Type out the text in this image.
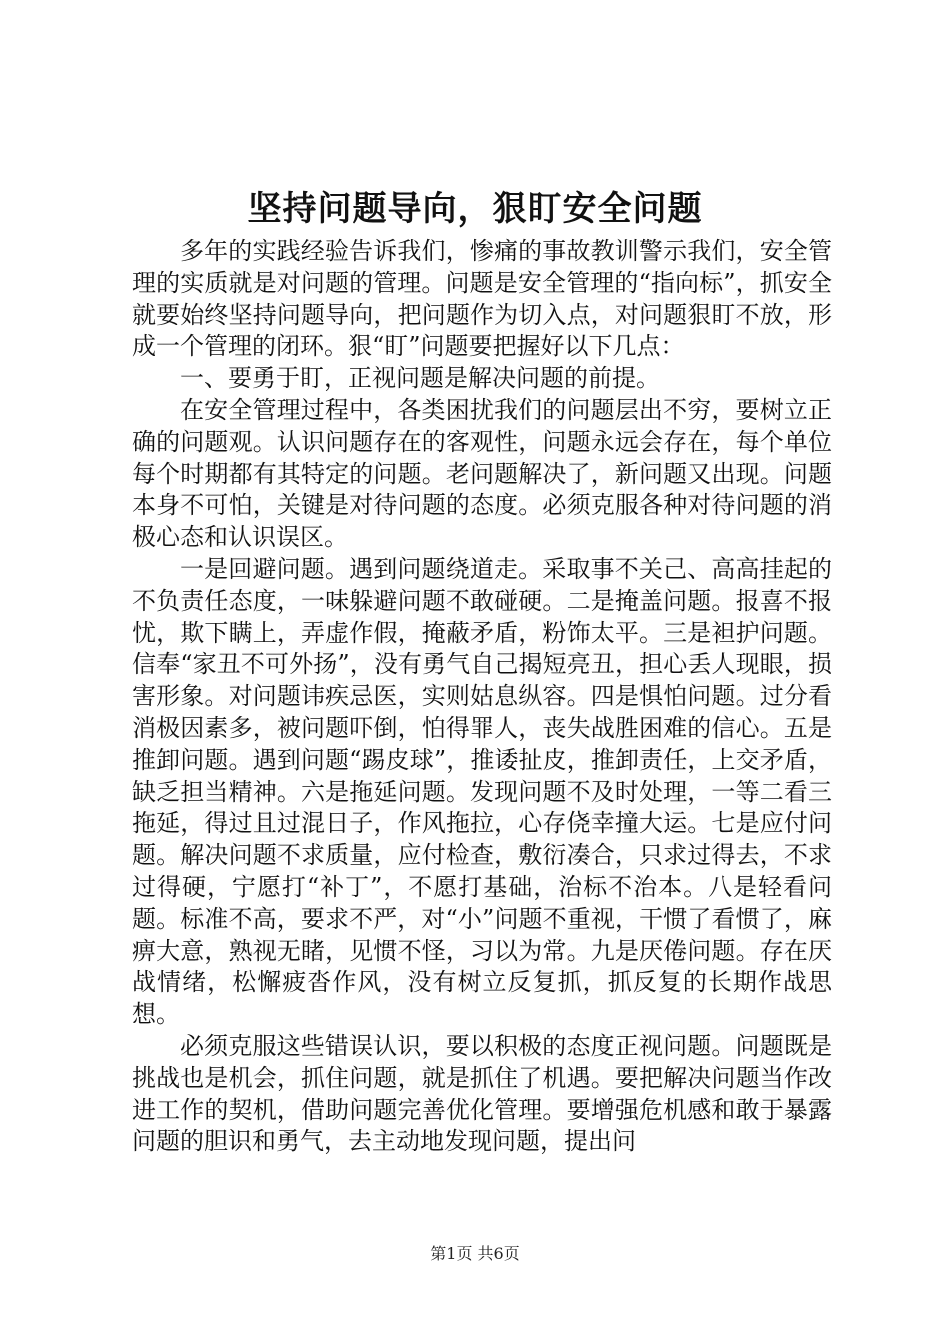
坚持问题导向，狠盯安全问题

多年的实践经验告诉我们，惨痛的事故教训警示我们，安全管理的实质就是对问题的管理。问题是安全管理的“指向标”，抓安全就要始终坚持问题导向，把问题作为切入点，对问题狠盯不放，形成一个管理的闭环。狠“盯”问题要把握好以下几点：

一、要勇于盯，正视问题是解决问题的前提。

在安全管理过程中，各类困扰我们的问题层出不穷，要树立正确的问题观。认识问题存在的客观性，问题永远会存在，每个单位每个时期都有其特定的问题。老问题解决了，新问题又出现。问题本身不可怕，关键是对待问题的态度。必须克服各种对待问题的消极心态和认识误区。

一是回避问题。遇到问题绕道走。采取事不关己、高高挂起的不负责任态度，一味躲避问题不敢碰硬。二是掩盖问题。报喜不报忧，欺下瞒上，弄虚作假，掩蔽矛盾，粉饰太平。三是袒护问题。信奉“家丑不可外扬”，没有勇气自己揭短亮丑，担心丢人现眼，损害形象。对问题讳疾忌医，实则姑息纵容。四是惧怕问题。过分看消极因素多，被问题吓倒，怕得罪人，丧失战胜困难的信心。五是推卸问题。遇到问题“踢皮球”，推诿扯皮，推卸责任，上交矛盾，缺乏担当精神。六是拖延问题。发现问题不及时处理，一等二看三拖延，得过且过混日子，作风拖拉，心存侥幸撞大运。七是应付问题。解决问题不求质量，应付检查，敷衍凑合，只求过得去，不求过得硬，宁愿打“补丁”，不愿打基础，治标不治本。八是轻看问题。标准不高，要求不严，对“小”问题不重视，干惯了看惯了，麻痹大意，熟视无睹，见惯不怪，习以为常。九是厌倦问题。存在厌战情绪，松懈疲沓作风，没有树立反复抓，抓反复的长期作战思想。

必须克服这些错误认识，要以积极的态度正视问题。问题既是挑战也是机会，抓住问题，就是抓住了机遇。要把解决问题当作改进工作的契机，借助问题完善优化管理。要增强危机感和敢于暴露问题的胆识和勇气，去主动地发现问题，提出问

第1页 共6页
